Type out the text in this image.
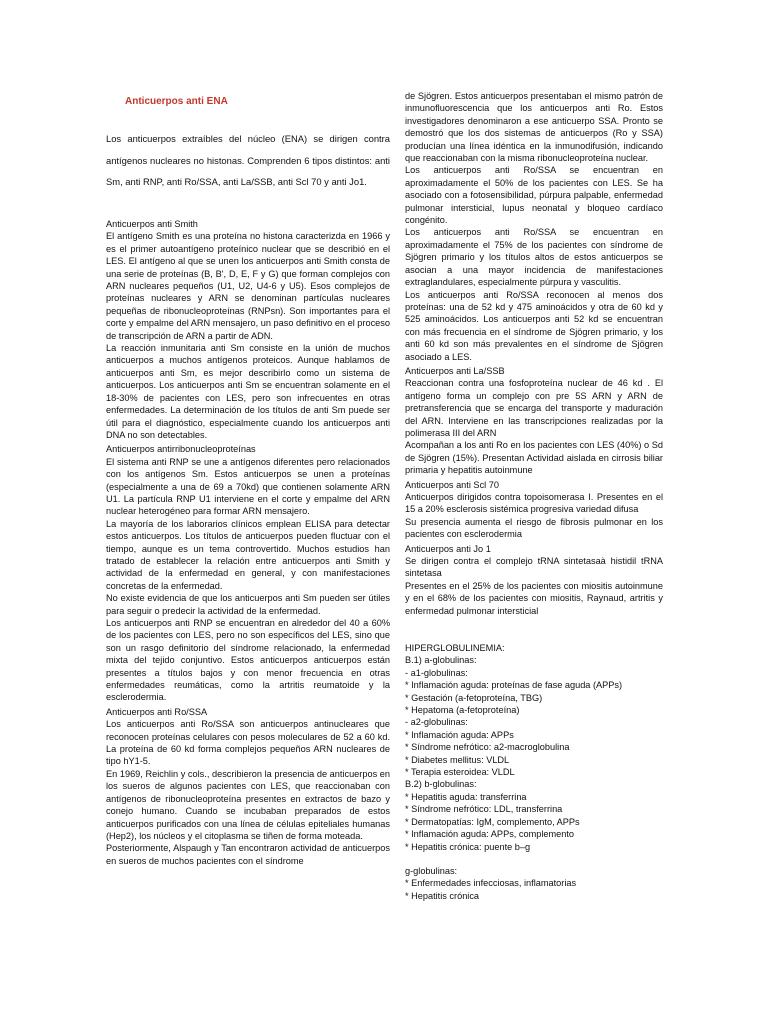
Anticuerpos anti ENA

Los anticuerpos extraíbles del núcleo (ENA) se dirigen contra antígenos nucleares no histonas. Comprenden 6 tipos distintos: anti Sm, anti RNP, anti Ro/SSA, anti La/SSB, anti Scl 70 y anti Jo1.

Anticuerpos anti Smith

El antígeno Smith es una proteína no histona caracterizda en 1966 y es el primer autoantígeno proteínico nuclear que se describió en el LES. El antígeno al que se unen los anticuerpos anti Smith consta de una serie de proteínas (B, B', D, E, F y G) que forman complejos con ARN nucleares pequeños (U1, U2, U4-6 y U5). Esos complejos de proteínas nucleares y ARN se denominan partículas nucleares pequeñas de ribonucleoproteínas (RNPsn). Son importantes para el corte y empalme del ARN mensajero, un paso definitivo en el proceso de transcripción de ARN a partir de ADN.

La reacción inmunitaria anti Sm consiste en la unión de muchos anticuerpos a muchos antígenos proteicos. Aunque hablamos de anticuerpos anti Sm, es mejor describirlo como un sistema de anticuerpos. Los anticuerpos anti Sm se encuentran solamente en el 18-30% de pacientes con LES, pero son infrecuentes en otras enfermedades. La determinación de los títulos de anti Sm puede ser útil para el diagnóstico, especialmente cuando los anticuerpos anti DNA no son detectables.

Anticuerpos antirribonucleoproteínas

El sistema anti RNP se une a antígenos diferentes pero relacionados con los antígenos Sm. Estos anticuerpos se unen a proteínas (especialmente a una de 69 a 70kd) que contienen solamente ARN U1. La partícula RNP U1 interviene en el corte y empalme del ARN nuclear heterogéneo para formar ARN mensajero.

La mayoría de los laborarios clínicos emplean ELISA para detectar estos anticuerpos. Los títulos de anticuerpos pueden fluctuar con el tiempo, aunque es un tema controvertido. Muchos estudios han tratado de establecer la relación entre anticuerpos anti Smith y actividad de la enfermedad en general, y con manifestaciones concretas de la enfermedad.

No existe evidencia de que los anticuerpos anti Sm pueden ser útiles para seguir o predecir la actividad de la enfermedad.

Los anticuerpos anti RNP se encuentran en alrededor del 40 a 60% de los pacientes con LES, pero no son específicos del LES, sino que son un rasgo definitorio del síndrome relacionado, la enfermedad mixta del tejido conjuntivo. Estos anticuerpos anticuerpos están presentes a títulos bajos y con menor frecuencia en otras enfermedades reumáticas, como la artritis reumatoide y la esclerodermia.

Anticuerpos anti Ro/SSA

Los anticuerpos anti Ro/SSA son anticuerpos antinucleares que reconocen proteínas celulares con pesos moleculares de 52 a 60 kd. La proteína de 60 kd forma complejos pequeños ARN nucleares de tipo hY1-5.

En 1969, Reichlin y cols., describieron la presencia de anticuerpos en los sueros de algunos pacientes con LES, que reaccionaban con antígenos de ribonucleoproteína presentes en extractos de bazo y conejo humano. Cuando se incubaban preparados de estos anticuerpos purificados con una línea de células epiteliales humanas (Hep2), los núcleos y el citoplasma se tiñen de forma moteada.

Posteriormente, Alspaugh y Tan encontraron actividad de anticuerpos en sueros de muchos pacientes con el síndrome

de Sjögren. Estos anticuerpos presentaban el mismo patrón de inmunofluorescencia que los anticuerpos anti Ro. Estos investigadores denominaron a ese anticuerpo SSA. Pronto se demostró que los dos sistemas de anticuerpos (Ro y SSA) producían una línea idéntica en la inmunodifusión, indicando que reaccionaban con la misma ribonucleoproteína nuclear.

Los anticuerpos anti Ro/SSA se encuentran en aproximadamente el 50% de los pacientes con LES. Se ha asociado con a fotosensibilidad, púrpura palpable, enfermedad pulmonar intersticial, lupus neonatal y bloqueo cardíaco congénito.

Los anticuerpos anti Ro/SSA se encuentran en aproximadamente el 75% de los pacientes con síndrome de Sjögren primario y los títulos altos de estos anticuerpos se asocian a una mayor incidencia de manifestaciones extraglandulares, especialmente púrpura y vasculitis.

Los anticuerpos anti Ro/SSA reconocen al menos dos proteínas: una de 52 kd y 475 aminoácidos y otra de 60 kd y 525 aminoácidos. Los anticuerpos anti 52 kd se encuentran con más frecuencia en el síndrome de Sjögren primario, y los anti 60 kd son más prevalentes en el síndrome de Sjögren asociado a LES.

Anticuerpos anti La/SSB

Reaccionan contra una fosfoproteína nuclear de 46 kd . El antígeno forma un complejo con pre 5S ARN y ARN de pretransferencia que se encarga del transporte y maduración del ARN. Interviene en las transcripciones realizadas por la polimerasa III del ARN

Acompañan a los anti Ro en los pacientes con LES (40%) o Sd de Sjögren (15%). Presentan Actividad aislada en cirrosis biliar primaria y hepatitis autoinmune

Anticuerpos anti Scl 70

Anticuerpos dirigidos contra topoisomerasa I. Presentes en el 15 a 20% esclerosis sistémica progresiva variedad difusa

Su presencia aumenta el riesgo de fibrosis pulmonar en los pacientes con esclerodermia

Anticuerpos anti Jo 1

Se dirigen contra el complejo tRNA sintetasaà histidil tRNA sintetasa

Presentes en el 25% de los pacientes con miositis autoinmune y en el 68% de los pacientes con miositis, Raynaud, artritis y enfermedad pulmonar intersticial

HIPERGLOBULINEMIA:
B.1) a-globulinas:
- a1-globulinas:
* Inflamación aguda: proteínas de fase aguda (APPs)
* Gestación (a-fetoproteína, TBG)
* Hepatoma (a-fetoproteína)
- a2-globulinas:
* Inflamación aguda: APPs
* Síndrome nefrótico: a2-macroglobulina
* Diabetes mellitus: VLDL
* Terapia esteroidea: VLDL
B.2) b-globulinas:
* Hepatitis aguda: transferrina
* Síndrome nefrótico: LDL, transferrina
* Dermatopatías: IgM, complemento, APPs
* Inflamación aguda: APPs, complemento
* Hepatitis crónica: puente b–g
g-globulinas:
* Enfermedades infecciosas, inflamatorias
* Hepatitis crónica
